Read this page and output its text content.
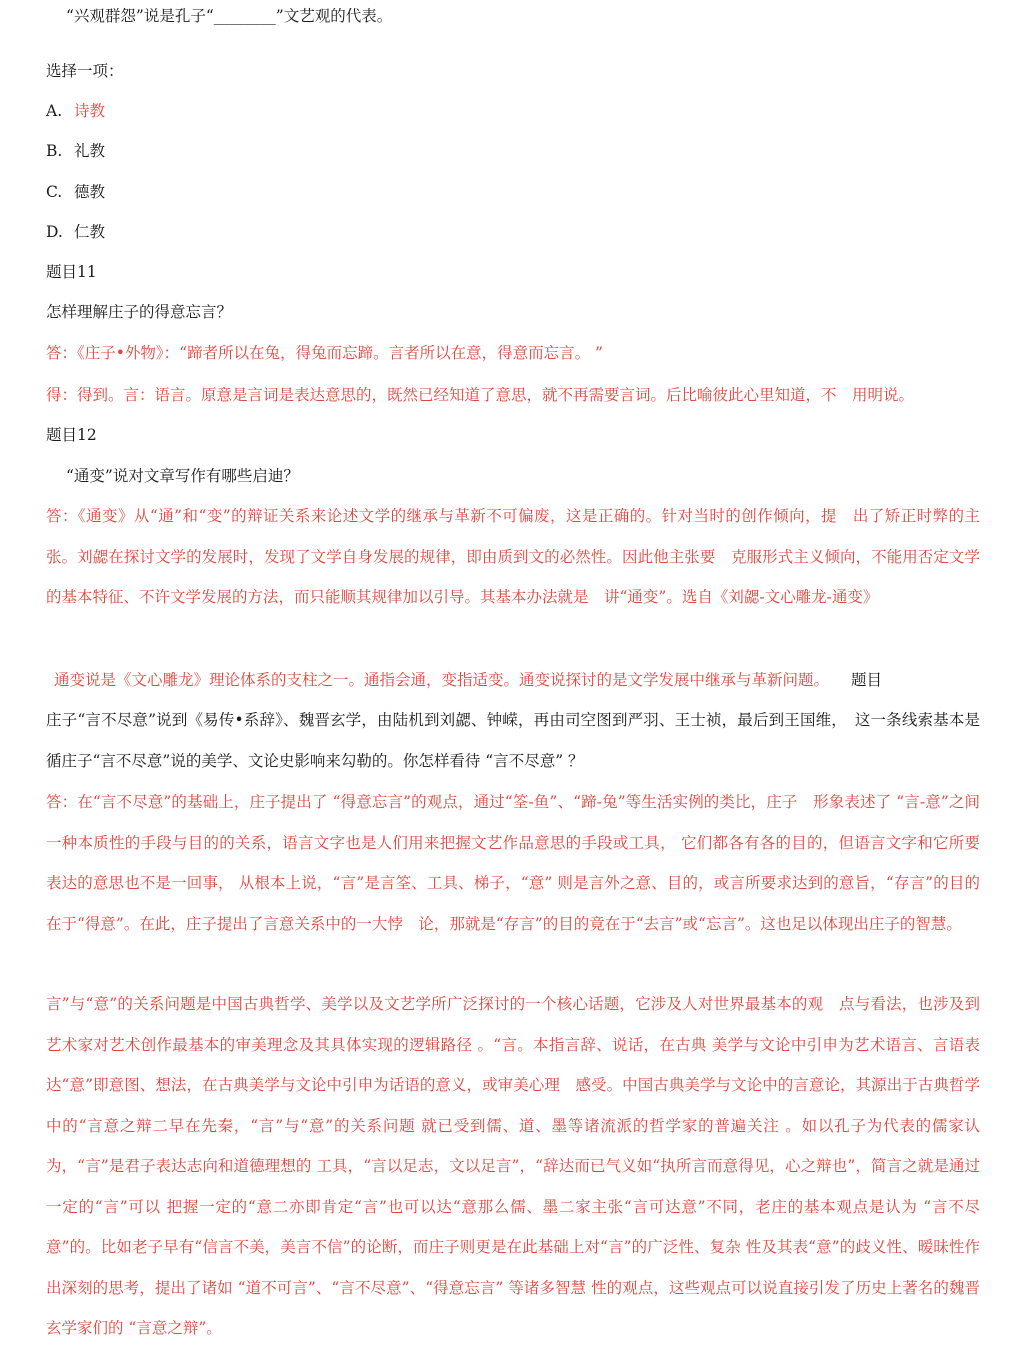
“兴观群怨”说是孔子“________”文艺观的代表。
选择一项：
A. 诗教
B. 礼教
C. 德教
D. 仁教
题目11
怎样理解庄子的得意忘言？
答：《庄子•外物》：“蹄者所以在兔，得兔而忘蹄。言者所以在意，得意而忘言。 ”
得：得到。言：语言。原意是言词是表达意思的，既然已经知道了意思，就不再需要言词。后比喻彼此心里知道，不　用明说。
题目12
“通变”说对文章写作有哪些启迪？
答：《通变》从“通”和“变”的辩证关系来论述文学的继承与革新不可偏废，这是正确的。针对当时的创作倾向，提　出了矫正时弊的主张。刘勰在探讨文学的发展时，发现了文学自身发展的规律，即由质到文的必然性。因此他主张要　克服形式主义倾向，不能用否定文学的基本特征、不许文学发展的方法，而只能顺其规律加以引导。其基本办法就是　讲“通变”。选自《刘勰-文心雕龙-通变》
通变说是《文心雕龙》理论体系的支柱之一。通指会通，变指适变。通变说探讨的是文学发展中继承与革新问题。 题目
庄子“言不尽意”说到《易传•系辞》、魏晋玄学，由陆机到刘勰、钟嵘，再由司空图到严羽、王士祯，最后到王国维，　这一条线索基本是循庄子“言不尽意”说的美学、文论史影响来勾勒的。你怎样看待 “言不尽意” ？
答：在“言不尽意”的基础上，庄子提出了 “得意忘言”的观点，通过“筌-鱼”、“蹄-兔”等生活实例的类比，庄子　形象表述了 “言-意”之间一种本质性的手段与目的的关系，语言文字也是人们用来把握文艺作品意思的手段或工具， 它们都各有各的目的，但语言文字和它所要表达的意思也不是一回事， 从根本上说，“言”是言筌、工具、梯子，“意” 则是言外之意、目的，或言所要求达到的意旨，“存言”的目的在于“得意”。在此，庄子提出了言意关系中的一大悖　论，那就是“存言”的目的竟在于“去言”或“忘言”。这也足以体现出庄子的智慧。
言”与“意”的关系问题是中国古典哲学、美学以及文艺学所广泛探讨的一个核心话题，它涉及人对世界最基本的观　点与看法，也涉及到艺术家对艺术创作最基本的审美理念及其具体实现的逻辑路径 。“言。本指言辞、说话，在古典 美学与文论中引申为艺术语言、言语表达“意”即意图、想法，在古典美学与文论中引申为话语的意义，或审美心理　感受。中国古典美学与文论中的言意论，其源出于古典哲学中的“言意之辩二早在先秦，“言”与“意”的关系问题 就已受到儒、道、墨等诸流派的哲学家的普遍关注 。如以孔子为代表的儒家认为，“言”是君子表达志向和道德理想的 工具，“言以足志，文以足言”，“辞达而已气义如“执所言而意得见，心之辩也”，简言之就是通过一定的“言”可以 把握一定的“意二亦即肯定“言”也可以达“意那么儒、墨二家主张“言可达意”不同，老庄的基本观点是认为 “言不尽意”的。比如老子早有“信言不美，美言不信”的论断，而庄子则更是在此基础上对“言”的广泛性、复杂 性及其表“意”的歧义性、暧昧性作出深刻的思考，提出了诸如 “道不可言”、“言不尽意”、“得意忘言” 等诸多智慧 性的观点，这些观点可以说直接引发了历史上著名的魏晋玄学家们的 “言意之辩”。
